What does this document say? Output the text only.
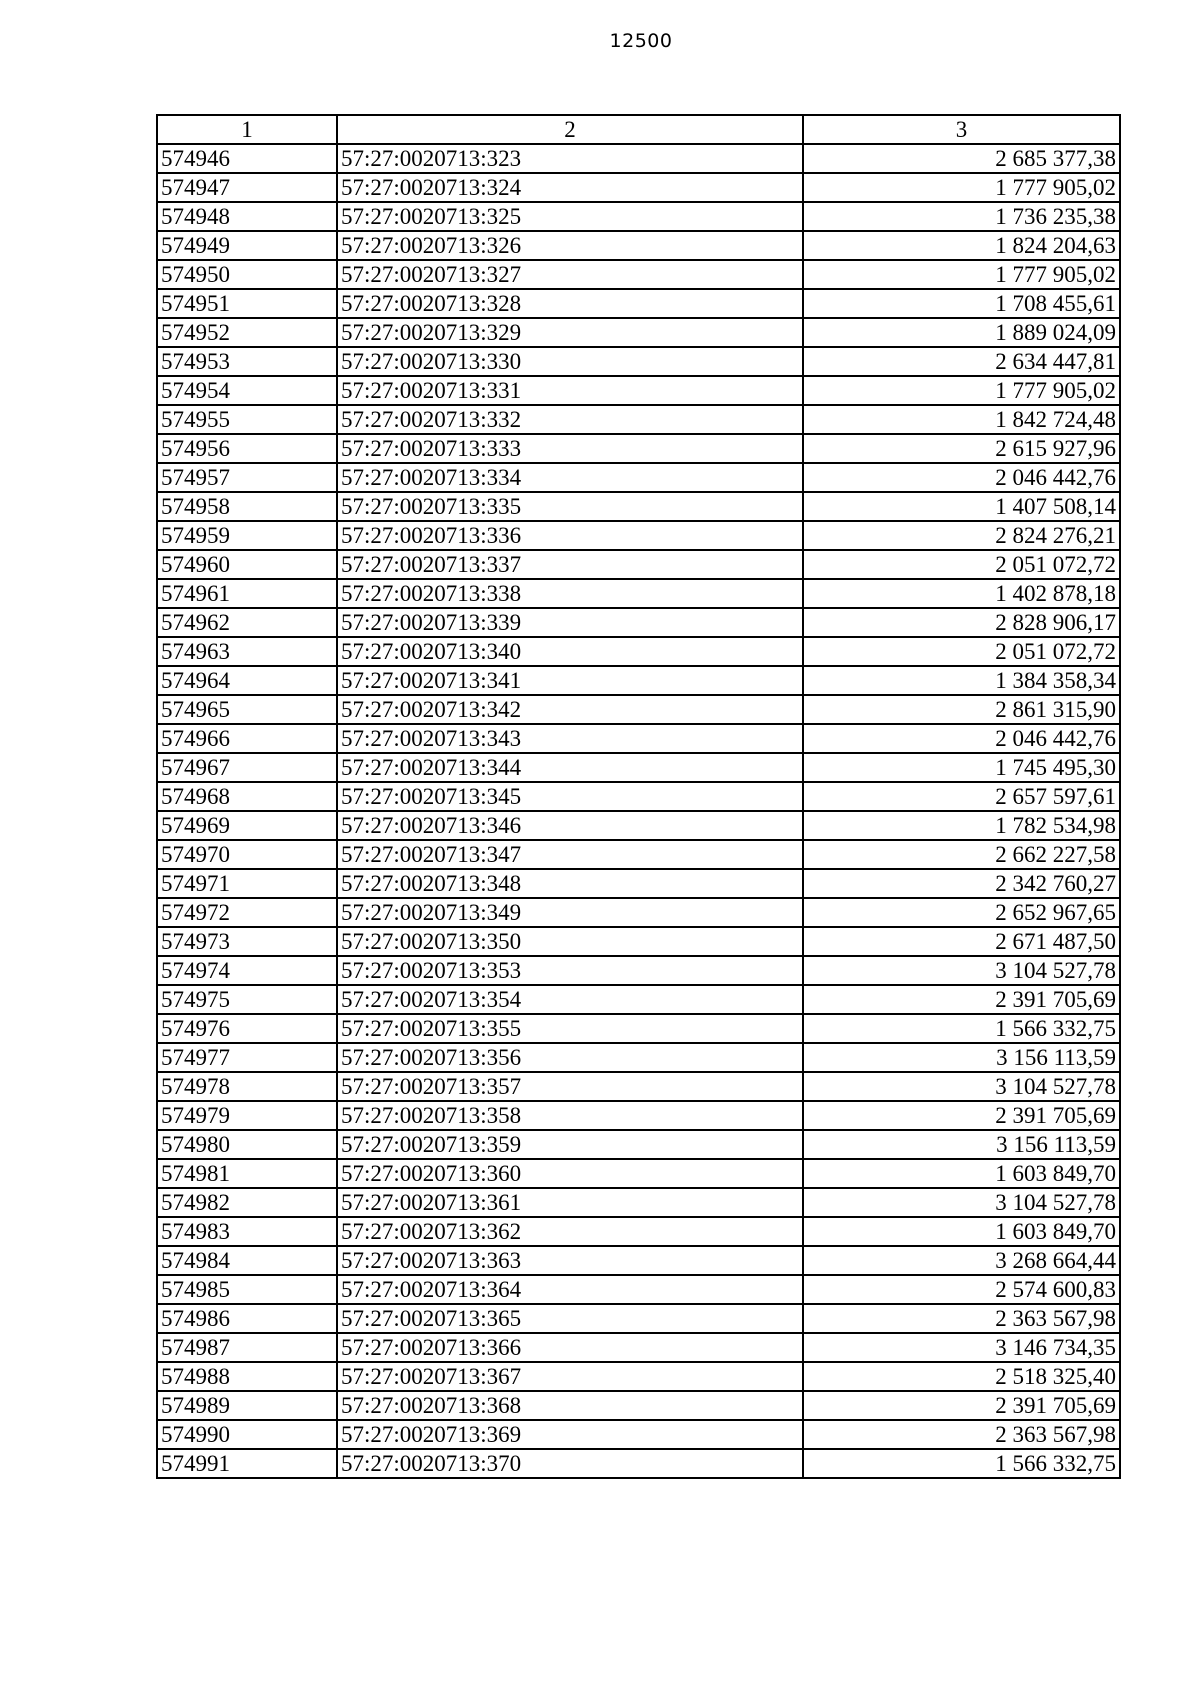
12500
1	2	3
574946	57:27:0020713:323	2 685 377,38
574947	57:27:0020713:324	1 777 905,02
574948	57:27:0020713:325	1 736 235,38
574949	57:27:0020713:326	1 824 204,63
574950	57:27:0020713:327	1 777 905,02
574951	57:27:0020713:328	1 708 455,61
574952	57:27:0020713:329	1 889 024,09
574953	57:27:0020713:330	2 634 447,81
574954	57:27:0020713:331	1 777 905,02
574955	57:27:0020713:332	1 842 724,48
574956	57:27:0020713:333	2 615 927,96
574957	57:27:0020713:334	2 046 442,76
574958	57:27:0020713:335	1 407 508,14
574959	57:27:0020713:336	2 824 276,21
574960	57:27:0020713:337	2 051 072,72
574961	57:27:0020713:338	1 402 878,18
574962	57:27:0020713:339	2 828 906,17
574963	57:27:0020713:340	2 051 072,72
574964	57:27:0020713:341	1 384 358,34
574965	57:27:0020713:342	2 861 315,90
574966	57:27:0020713:343	2 046 442,76
574967	57:27:0020713:344	1 745 495,30
574968	57:27:0020713:345	2 657 597,61
574969	57:27:0020713:346	1 782 534,98
574970	57:27:0020713:347	2 662 227,58
574971	57:27:0020713:348	2 342 760,27
574972	57:27:0020713:349	2 652 967,65
574973	57:27:0020713:350	2 671 487,50
574974	57:27:0020713:353	3 104 527,78
574975	57:27:0020713:354	2 391 705,69
574976	57:27:0020713:355	1 566 332,75
574977	57:27:0020713:356	3 156 113,59
574978	57:27:0020713:357	3 104 527,78
574979	57:27:0020713:358	2 391 705,69
574980	57:27:0020713:359	3 156 113,59
574981	57:27:0020713:360	1 603 849,70
574982	57:27:0020713:361	3 104 527,78
574983	57:27:0020713:362	1 603 849,70
574984	57:27:0020713:363	3 268 664,44
574985	57:27:0020713:364	2 574 600,83
574986	57:27:0020713:365	2 363 567,98
574987	57:27:0020713:366	3 146 734,35
574988	57:27:0020713:367	2 518 325,40
574989	57:27:0020713:368	2 391 705,69
574990	57:27:0020713:369	2 363 567,98
574991	57:27:0020713:370	1 566 332,75
